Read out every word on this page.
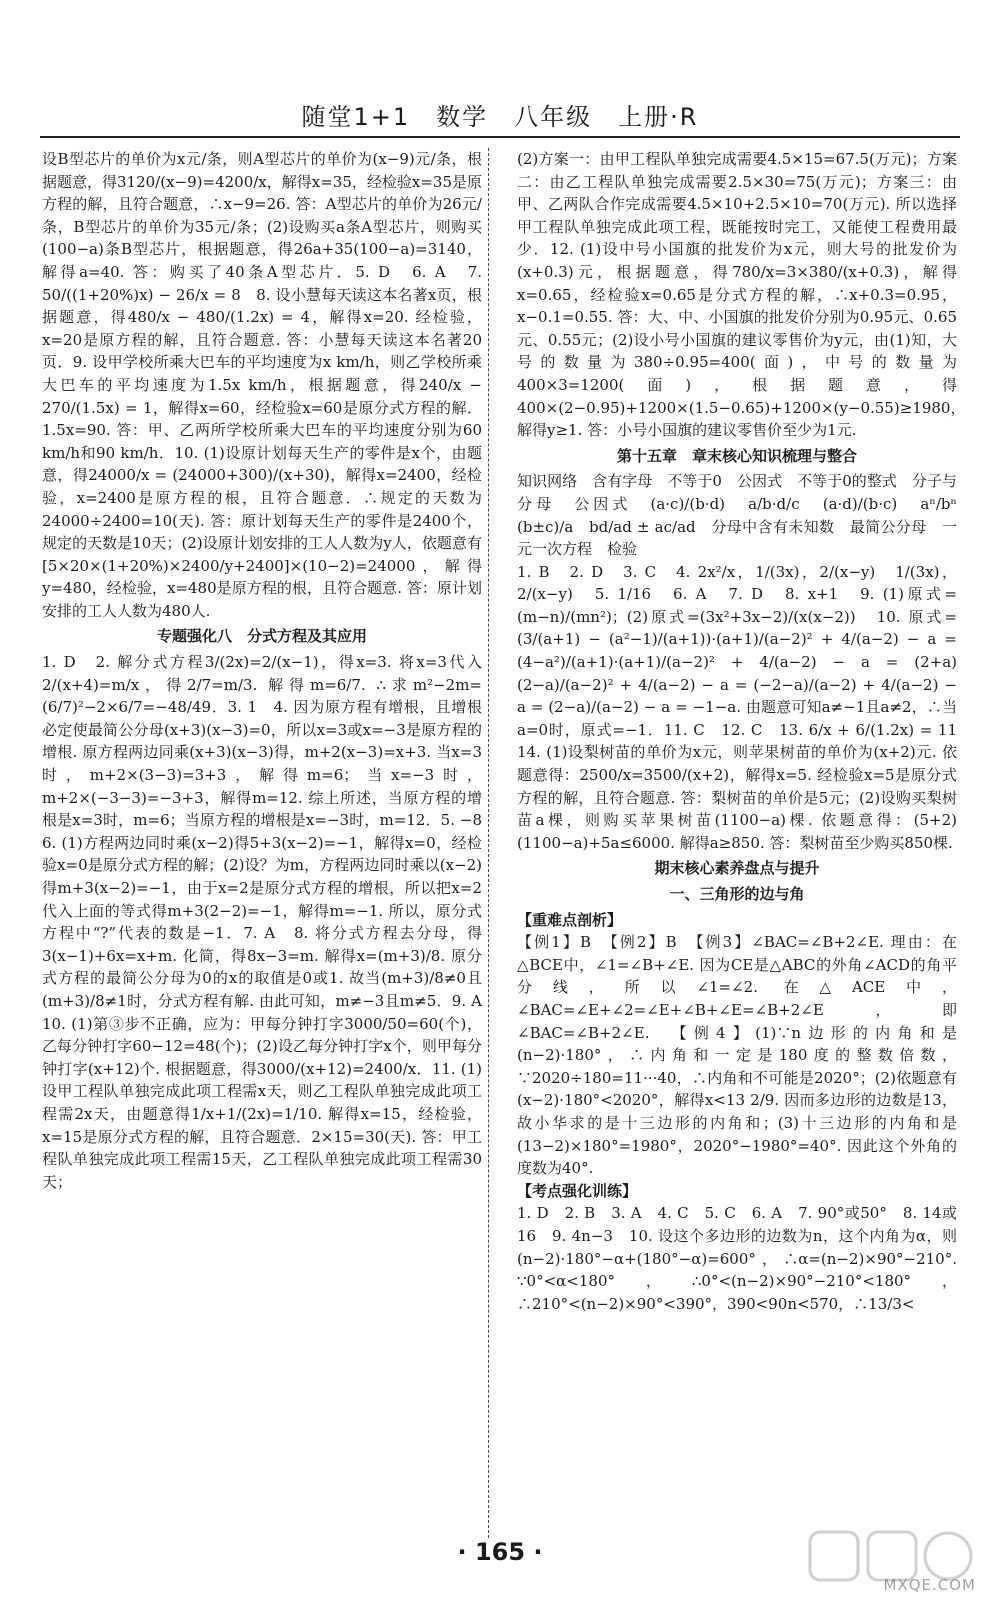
随堂1+1　数学　八年级　上册·R

设B型芯片的单价为x元/条，则A型芯片的单价为(x−9)元/条，根据题意，得3120/(x−9)=4200/x，解得x=35，经检验x=35是原方程的解，且符合题意，∴x−9=26. 答：A型芯片的单价为26元/条，B型芯片的单价为35元/条；(2)设购买a条A型芯片，则购买(100−a)条B型芯片，根据题意，得26a+35(100−a)=3140，解得a=40. 答：购买了40条A型芯片．5. D　6. A　7. 50/((1+20%)x) − 26/x = 8　8. 设小慧每天读这本名著x页，根据题意，得480/x − 480/(1.2x) = 4，解得x=20. 经检验，x=20是原方程的解，且符合题意. 答：小慧每天读这本名著20页．9. 设甲学校所乘大巴车的平均速度为x km/h，则乙学校所乘大巴车的平均速度为1.5x km/h，根据题意，得240/x − 270/(1.5x) = 1，解得x=60，经检验x=60是原分式方程的解．1.5x=90. 答：甲、乙两所学校所乘大巴车的平均速度分别为60 km/h和90 km/h．10. (1)设原计划每天生产的零件是x个，由题意，得24000/x = (24000+300)/(x+30)，解得x=2400，经检验，x=2400是原方程的根，且符合题意．∴规定的天数为24000÷2400=10(天). 答：原计划每天生产的零件是2400个，规定的天数是10天；(2)设原计划安排的工人人数为y人，依题意有[5×20×(1+20%)×2400/y+2400]×(10−2)=24000，解得y=480，经检验，x=480是原方程的根，且符合题意. 答：原计划安排的工人人数为480人.

专题强化八　分式方程及其应用

1. D　2. 解分式方程3/(2x)=2/(x−1)，得x=3. 将x=3代入2/(x+4)=m/x，得2/7=m/3. 解得m=6/7. ∴求m²−2m=(6/7)²−2×6/7=−48/49．3. 1　4. 因为原方程有增根，且增根必定使最简公分母(x+3)(x−3)=0，所以x=3或x=−3是原方程的增根. 原方程两边同乘(x+3)(x−3)得，m+2(x−3)=x+3. 当x=3时，m+2×(3−3)=3+3，解得m=6；当x=−3时，m+2×(−3−3)=−3+3，解得m=12. 综上所述，当原方程的增根是x=3时，m=6；当原方程的增根是x=−3时，m=12．5. −8　6. (1)方程两边同时乘(x−2)得5+3(x−2)=−1，解得x=0，经检验x=0是原分式方程的解；(2)设？为m，方程两边同时乘以(x−2)得m+3(x−2)=−1，由于x=2是原分式方程的增根，所以把x=2代入上面的等式得m+3(2−2)=−1，解得m=−1. 所以，原分式方程中“?”代表的数是−1．7. A　8. 将分式方程去分母，得3(x−1)+6x=x+m. 化简，得8x−3=m. 解得x=(m+3)/8. 原分式方程的最简公分母为0的x的取值是0或1. 故当(m+3)/8≠0且(m+3)/8≠1时，分式方程有解. 由此可知，m≠−3且m≠5．9. A　10. (1)第③步不正确，应为：甲每分钟打字3000/50=60(个)，乙每分钟打字60−12=48(个)；(2)设乙每分钟打字x个，则甲每分钟打字(x+12)个. 根据题意，得3000/(x+12)=2400/x．11. (1)设甲工程队单独完成此项工程需x天，则乙工程队单独完成此项工程需2x天，由题意得1/x+1/(2x)=1/10. 解得x=15，经检验，x=15是原分式方程的解，且符合题意．2×15=30(天). 答：甲工程队单独完成此项工程需15天，乙工程队单独完成此项工程需30天；

(2)方案一：由甲工程队单独完成需要4.5×15=67.5(万元)；方案二：由乙工程队单独完成需要2.5×30=75(万元)；方案三：由甲、乙两队合作完成需要4.5×10+2.5×10=70(万元). 所以选择甲工程队单独完成此项工程，既能按时完工，又能使工程费用最少．12. (1)设中号小国旗的批发价为x元，则大号的批发价为(x+0.3)元，根据题意，得780/x=3×380/(x+0.3)，解得x=0.65，经检验x=0.65是分式方程的解，∴x+0.3=0.95，x−0.1=0.55. 答：大、中、小国旗的批发价分别为0.95元、0.65元、0.55元；(2)设小号小国旗的建议零售价为y元，由(1)知，大号的数量为380÷0.95=400(面)，中号的数量为400×3=1200(面)，根据题意，得400×(2−0.95)+1200×(1.5−0.65)+1200×(y−0.55)≥1980，解得y≥1. 答：小号小国旗的建议零售价至少为1元.

第十五章　章末核心知识梳理与整合

知识网络　含有字母　不等于0　公因式　不等于0的整式　分子与分母　公因式　(a·c)/(b·d)　a/b·d/c　(a·d)/(b·c)　aⁿ/bⁿ　(b±c)/a　bd/ad ± ac/ad　分母中含有未知数　最简公分母　一元一次方程　检验

1. B　2. D　3. C　4. 2x²/x，1/(3x)，2/(x−y)　1/(3x)，2/(x−y)　5. 1/16　6. A　7. D　8. x+1　9. (1)原式=(m−n)/(mn²)；(2)原式=(3x²+3x−2)/(x(x−2))　10. 原式=(3/(a+1) − (a²−1)/(a+1))·(a+1)/(a−2)² + 4/(a−2) − a = (4−a²)/(a+1)·(a+1)/(a−2)² + 4/(a−2) − a = (2+a)(2−a)/(a−2)² + 4/(a−2) − a = (−2−a)/(a−2) + 4/(a−2) − a = (2−a)/(a−2) − a = −1−a. 由题意可知a≠−1且a≠2，∴当a=0时，原式=−1．11. C　12. C　13. 6/x + 6/(1.2x) = 11　14. (1)设梨树苗的单价为x元，则苹果树苗的单价为(x+2)元. 依题意得：2500/x=3500/(x+2)，解得x=5. 经检验x=5是原分式方程的解，且符合题意. 答：梨树苗的单价是5元；(2)设购买梨树苗a棵，则购买苹果树苗(1100−a)棵. 依题意得：(5+2)(1100−a)+5a≤6000. 解得a≥850. 答：梨树苗至少购买850棵.

期末核心素养盘点与提升
一、三角形的边与角
【重难点剖析】

【例1】B　【例2】B　【例3】∠BAC=∠B+2∠E. 理由：在△BCE中，∠1=∠B+∠E. 因为CE是△ABC的外角∠ACD的角平分线，所以∠1=∠2. 在△ACE中，∠BAC=∠E+∠2=∠E+∠B+∠E=∠B+2∠E，即∠BAC=∠B+2∠E.　【例4】(1)∵n边形的内角和是(n−2)·180°，∴内角和一定是180度的整数倍数，∵2020÷180=11···40，∴内角和不可能是2020°；(2)依题意有(x−2)·180°<2020°，解得x<13 2/9. 因而多边形的边数是13，故小华求的是十三边形的内角和；(3)十三边形的内角和是(13−2)×180°=1980°，2020°−1980°=40°. 因此这个外角的度数为40°.

【考点强化训练】

1. D　2. B　3. A　4. C　5. C　6. A　7. 90°或50°　8. 14或16　9. 4n−3　10. 设这个多边形的边数为n，这个内角为α，则(n−2)·180°−α+(180°−α)=600°，∴α=(n−2)×90°−210°. ∵0°<α<180°，∴0°<(n−2)×90°−210°<180°，∴210°<(n−2)×90°<390°，390<90n<570，∴13/3<

· 165 ·
MXQE.COM
